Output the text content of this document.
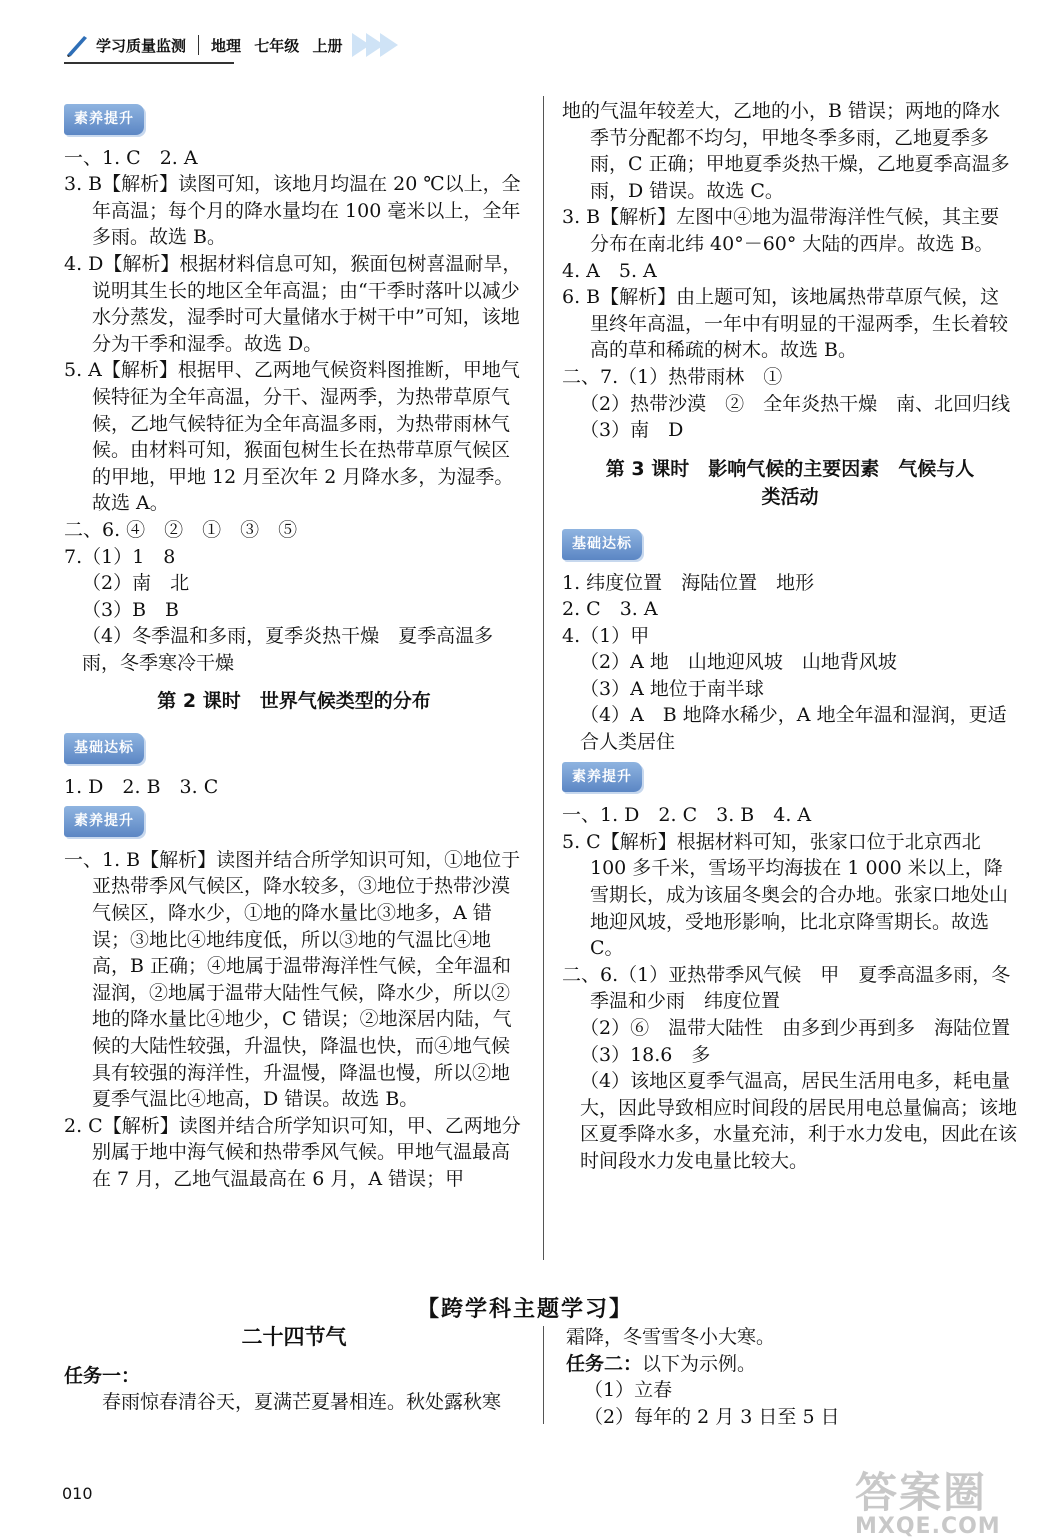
学习质量监测 地理 七年级 上册

素养提升

一、1. C　2. A

3. B【解析】读图可知，该地月均温在 20 ℃以上，全年高温；每个月的降水量均在 100 毫米以上，全年多雨。故选 B。

4. D【解析】根据材料信息可知，猴面包树喜温耐旱，说明其生长的地区全年高温；由“干季时落叶以减少水分蒸发，湿季时可大量储水于树干中”可知，该地分为干季和湿季。故选 D。

5. A【解析】根据甲、乙两地气候资料图推断，甲地气候特征为全年高温，分干、湿两季，为热带草原气候，乙地气候特征为全年高温多雨，为热带雨林气候。由材料可知，猴面包树生长在热带草原气候区的甲地，甲地 12 月至次年 2 月降水多，为湿季。故选 A。

二、6. ④　②　①　③　⑤

7.（1）1　8

（2）南　北

（3）B　B

（4）冬季温和多雨，夏季炎热干燥　夏季高温多雨，冬季寒冷干燥

第 2 课时　世界气候类型的分布

基础达标

1. D　2. B　3. C

素养提升

一、1. B【解析】读图并结合所学知识可知，①地位于亚热带季风气候区，降水较多，③地位于热带沙漠气候区，降水少，①地的降水量比③地多，A 错误；③地比④地纬度低，所以③地的气温比④地高，B 正确；④地属于温带海洋性气候，全年温和湿润，②地属于温带大陆性气候，降水少，所以②地的降水量比④地少，C 错误；②地深居内陆，气候的大陆性较强，升温快，降温也快，而④地气候具有较强的海洋性，升温慢，降温也慢，所以②地夏季气温比④地高，D 错误。故选 B。

2. C【解析】读图并结合所学知识可知，甲、乙两地分别属于地中海气候和热带季风气候。甲地气温最高在 7 月，乙地气温最高在 6 月，A 错误；甲

地的气温年较差大，乙地的小，B 错误；两地的降水季节分配都不均匀，甲地冬季多雨，乙地夏季多雨，C 正确；甲地夏季炎热干燥，乙地夏季高温多雨，D 错误。故选 C。

3. B【解析】左图中④地为温带海洋性气候，其主要分布在南北纬 40°－60° 大陆的西岸。故选 B。

4. A　5. A

6. B【解析】由上题可知，该地属热带草原气候，这里终年高温，一年中有明显的干湿两季，生长着较高的草和稀疏的树木。故选 B。

二、7.（1）热带雨林　①

（2）热带沙漠　②　全年炎热干燥　南、北回归线

（3）南　D

第 3 课时　影响气候的主要因素　气候与人

类活动

基础达标

1. 纬度位置　海陆位置　地形

2. C　3. A

4.（1）甲

（2）A 地　山地迎风坡　山地背风坡

（3）A 地位于南半球

（4）A　B 地降水稀少，A 地全年温和湿润，更适合人类居住

素养提升

一、1. D　2. C　3. B　4. A

5. C【解析】根据材料可知，张家口位于北京西北 100 多千米，雪场平均海拔在 1 000 米以上，降雪期长，成为该届冬奥会的合办地。张家口地处山地迎风坡，受地形影响，比北京降雪期长。故选 C。

二、6.（1）亚热带季风气候　甲　夏季高温多雨，冬季温和少雨　纬度位置

（2）⑥　温带大陆性　由多到少再到多　海陆位置

（3）18.6　多

（4）该地区夏季气温高，居民生活用电多，耗电量大，因此导致相应时间段的居民用电总量偏高；该地区夏季降水多，水量充沛，利于水力发电，因此在该时间段水力发电量比较大。

【跨学科主题学习】

二十四节气

任务一：

春雨惊春清谷天，夏满芒夏暑相连。秋处露秋寒

霜降，冬雪雪冬小大寒。

任务二：以下为示例。

（1）立春

（2）每年的 2 月 3 日至 5 日

010	答案圈
MXQE.COM
